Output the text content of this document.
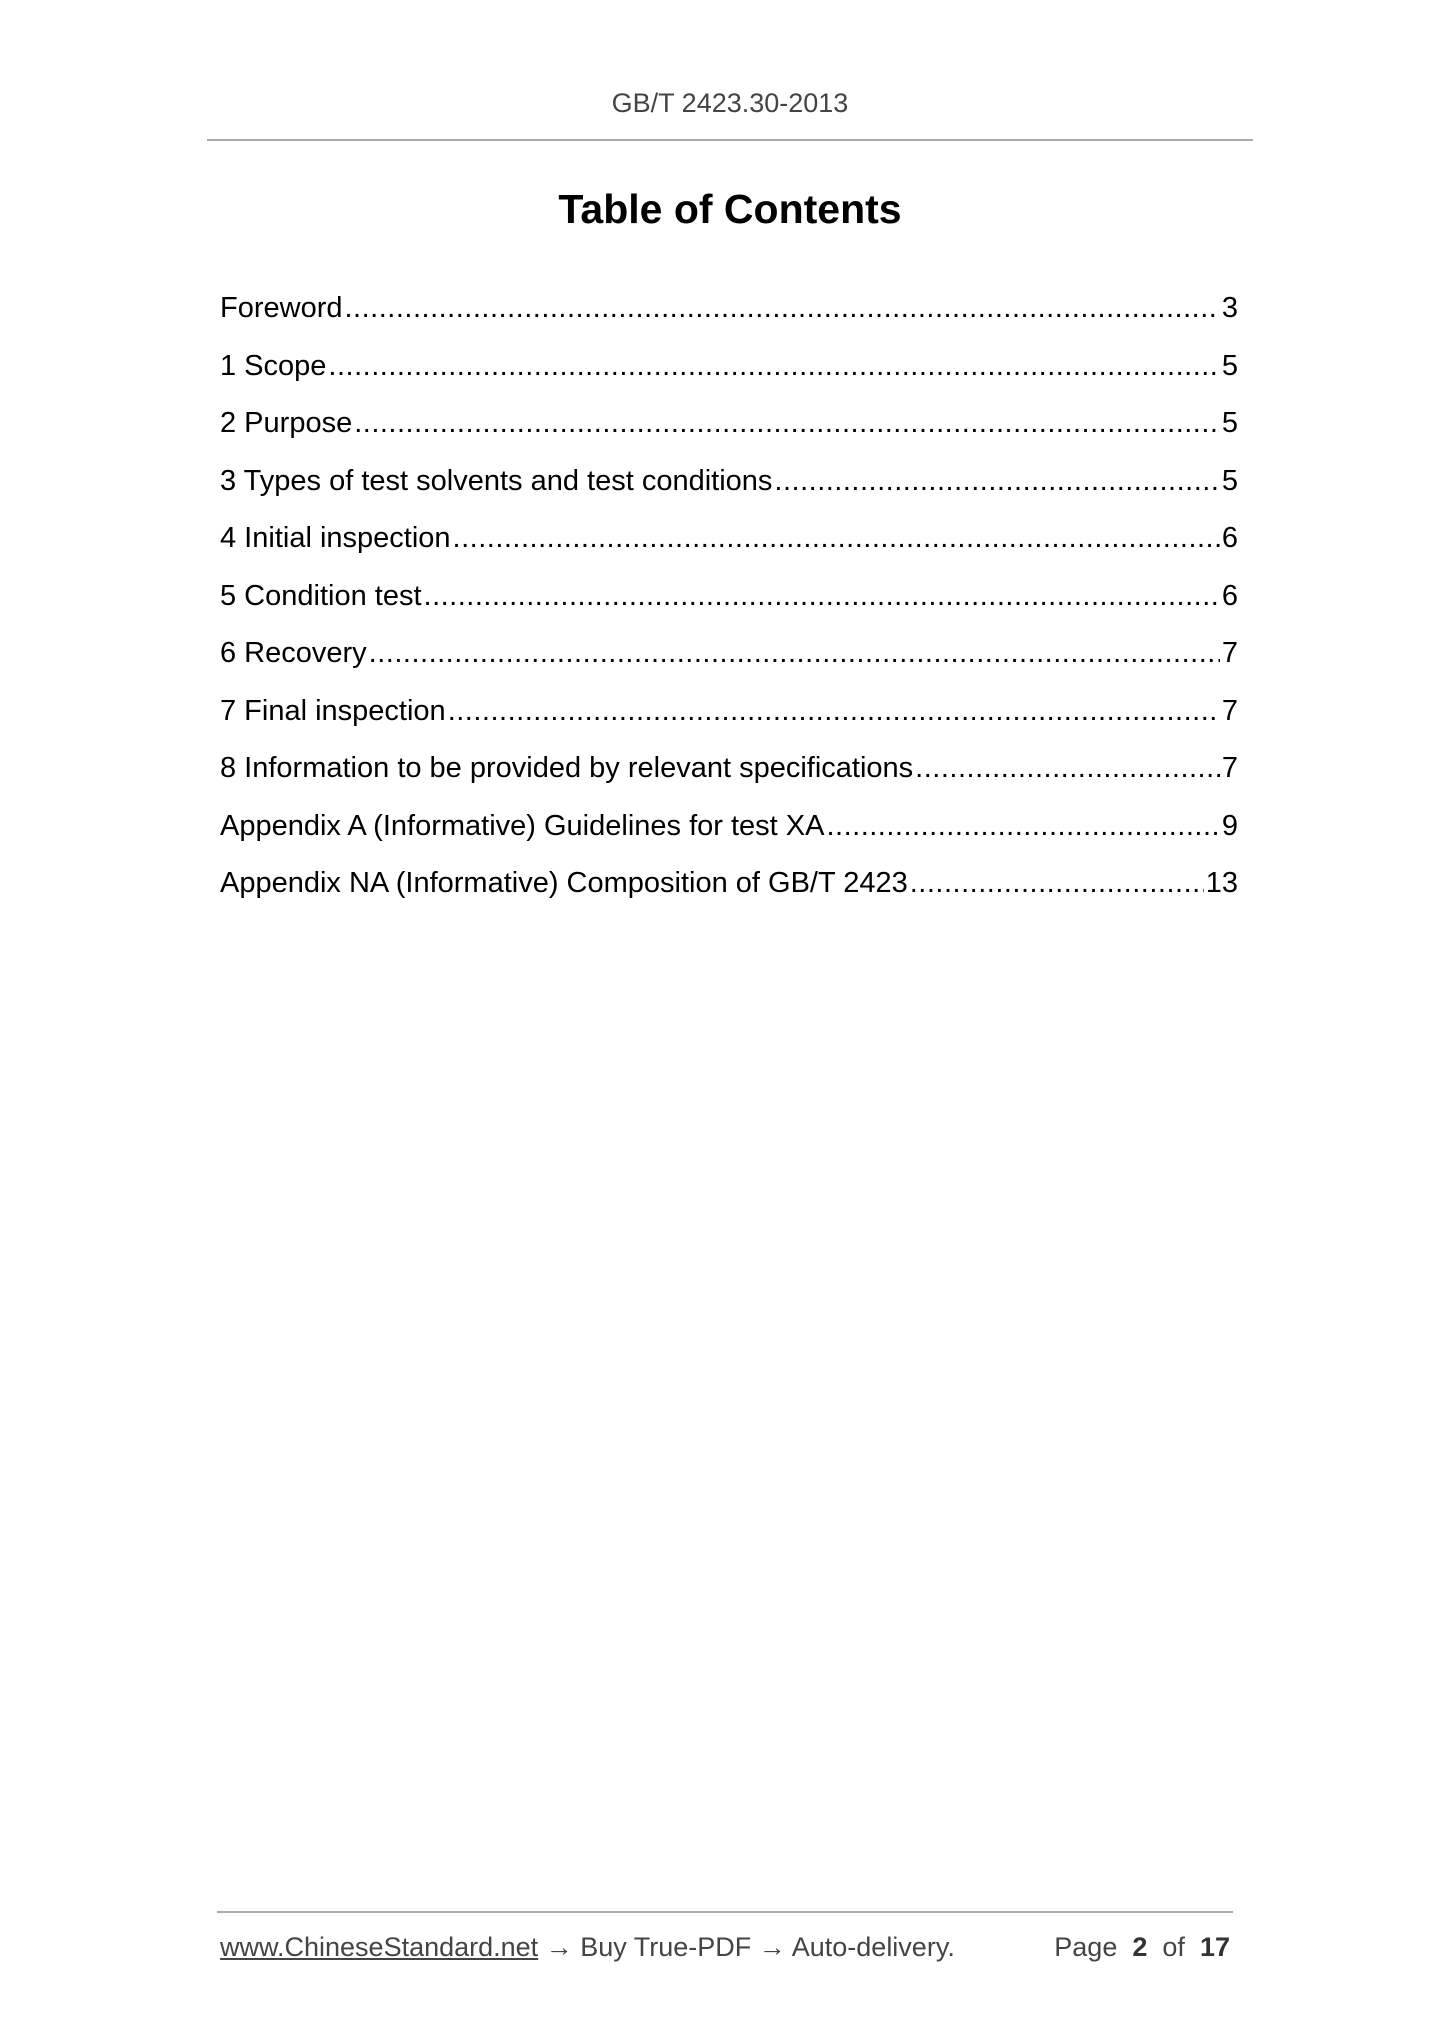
GB/T 2423.30-2013
Table of Contents
Foreword .....	3
1 Scope .....	5
2 Purpose .....	5
3 Types of test solvents and test conditions .....	5
4 Initial inspection .....	6
5 Condition test .....	6
6 Recovery .....	7
7 Final inspection .....	7
8 Information to be provided by relevant specifications .....	7
Appendix A (Informative) Guidelines for test XA .....	9
Appendix NA (Informative) Composition of GB/T 2423 .....	13
www.ChineseStandard.net → Buy True-PDF → Auto-delivery.	Page 2 of 17
